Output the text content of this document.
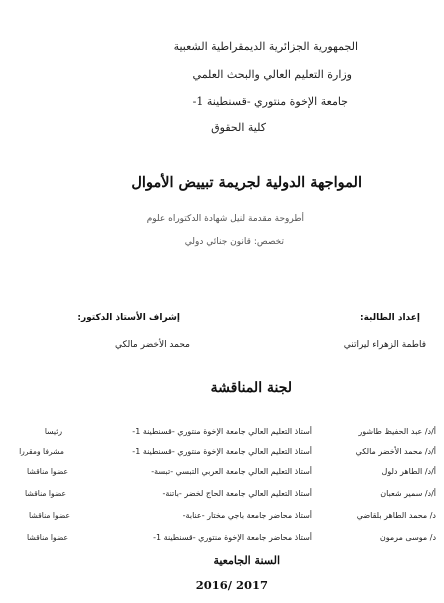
الجمهورية الجزائرية الديمقراطية الشعبية
وزارة التعليم العالي والبحث العلمي
جامعة الإخوة منتوري -قسنطينة 1-
كلية الحقوق
المواجهة الدولية لجريمة تبييض الأموال
أطروحة مقدمة لنيل شهادة الدكتوراه علوم
تخصص: قانون جنائي دولي
إعداد الطالبة:
فاطمة الزهراء ليراتني
إشراف الأستاذ الدكتور:
محمد الأخضر مالكي
لجنة المناقشة
أ/د/ عبد الحفيظ طاشور
أستاذ التعليم العالي جامعة الإخوة منتوري -قسنطينة 1-
رئيسا
أ/د/ محمد الأخضر مالكي
أستاذ التعليم العالي جامعة الإخوة منتوري -قسنطينة 1-
مشرفا ومقررا
أ/د/ الطاهر دلول
أستاذ التعليم العالي جامعة العربي التبسي -تبسة-
عضوا مناقشا
أ/د/ سمير شعبان
أستاذ التعليم العالي جامعة الحاج لخضر -باتنة-
عضوا مناقشا
د/ محمد الطاهر بلقاضي
أستاذ محاضر جامعة باجي مختار -عنابة-
عضوا مناقشا
د/ موسى مرمون
أستاذ محاضر جامعة الإخوة منتوري -قسنطينة 1-
عضوا مناقشا
السنة الجامعية
2016/ 2017
